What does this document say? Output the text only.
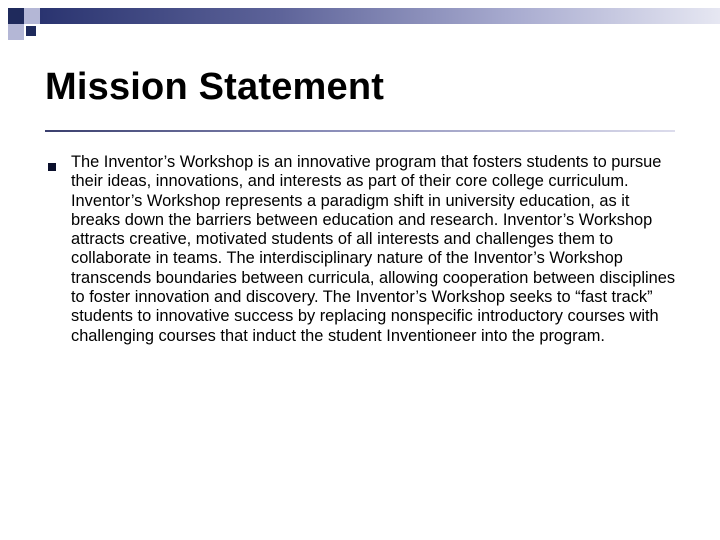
Mission Statement

The Inventor’s Workshop is an innovative program that fosters students to pursue their ideas, innovations, and interests as part of their core college curriculum. Inventor’s Workshop represents a paradigm shift in university education, as it breaks down the barriers between education and research. Inventor’s Workshop attracts creative, motivated students of all interests and challenges them to collaborate in teams. The interdisciplinary nature of the Inventor’s Workshop transcends boundaries between curricula, allowing cooperation between disciplines to foster innovation and discovery. The Inventor’s Workshop seeks to “fast track” students to innovative success by replacing nonspecific introductory courses with challenging courses that induct the student Inventioneer into the program.
